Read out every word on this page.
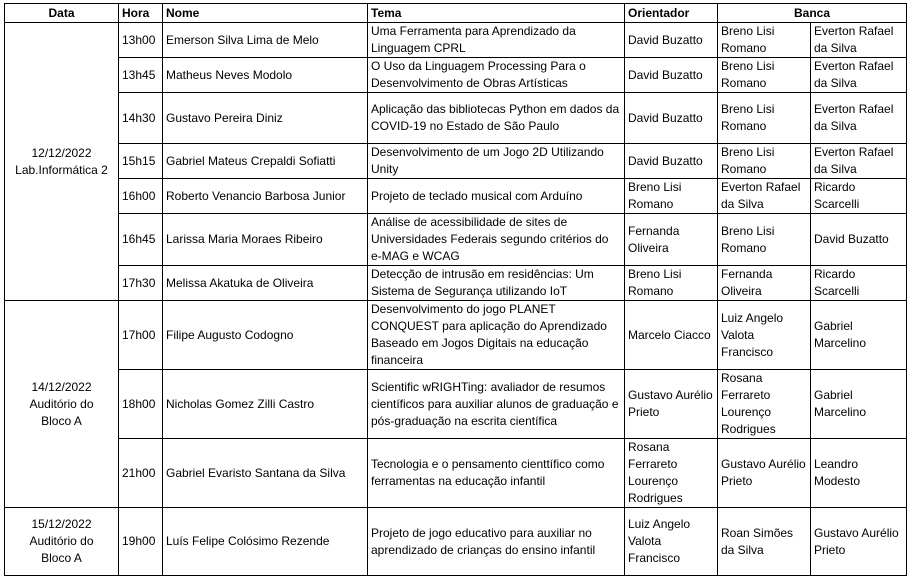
Data	Hora	Nome	Tema	Orientador	Banca	
12/12/2022
Lab.Informática 2	13h00	Emerson Silva Lima de Melo	Uma Ferramenta para Aprendizado da Linguagem CPRL	David Buzatto	Breno Lisi Romano	Everton Rafael da Silva
	13h45	Matheus Neves Modolo	O Uso da Linguagem Processing Para o Desenvolvimento de Obras Artísticas	David Buzatto	Breno Lisi Romano	Everton Rafael da Silva
	14h30	Gustavo Pereira Diniz	Aplicação das bibliotecas Python em dados da COVID-19 no Estado de São Paulo	David Buzatto	Breno Lisi Romano	Everton Rafael da Silva
	15h15	Gabriel Mateus Crepaldi Sofiatti	Desenvolvimento de um Jogo 2D Utilizando Unity	David Buzatto	Breno Lisi Romano	Everton Rafael da Silva
	16h00	Roberto Venancio Barbosa Junior	Projeto de teclado musical com Arduíno	Breno Lisi Romano	Everton Rafael da Silva	Ricardo Scarcelli
	16h45	Larissa Maria Moraes Ribeiro	Análise de acessibilidade de sites de Universidades Federais segundo critérios do e-MAG e WCAG	Fernanda Oliveira	Breno Lisi Romano	David Buzatto
	17h30	Melissa Akatuka de Oliveira	Detecção de intrusão em residências: Um Sistema de Segurança utilizando IoT	Breno Lisi Romano	Fernanda Oliveira	Ricardo Scarcelli
14/12/2022
Auditório do
Bloco A	17h00	Filipe Augusto Codogno	Desenvolvimento do jogo PLANET CONQUEST para aplicação do Aprendizado Baseado em Jogos Digitais na educação financeira	Marcelo Ciacco	Luiz Angelo Valota Francisco	Gabriel Marcelino
	18h00	Nicholas Gomez Zilli Castro	Scientific wRIGHTing: avaliador de resumos científicos para auxiliar alunos de graduação e pós-graduação na escrita científica	Gustavo Aurélio Prieto	Rosana Ferrareto Lourenço Rodrigues	Gabriel Marcelino
	21h00	Gabriel Evaristo Santana da Silva	Tecnologia e o pensamento cienttífico como ferramentas na educação infantil	Rosana Ferrareto Lourenço Rodrigues	Gustavo Aurélio Prieto	Leandro Modesto
15/12/2022
Auditório do
Bloco A	19h00	Luís Felipe Colósimo Rezende	Projeto de jogo educativo para auxiliar no aprendizado de crianças do ensino infantil	Luiz Angelo Valota Francisco	Roan Simões da Silva	Gustavo Aurélio Prieto
